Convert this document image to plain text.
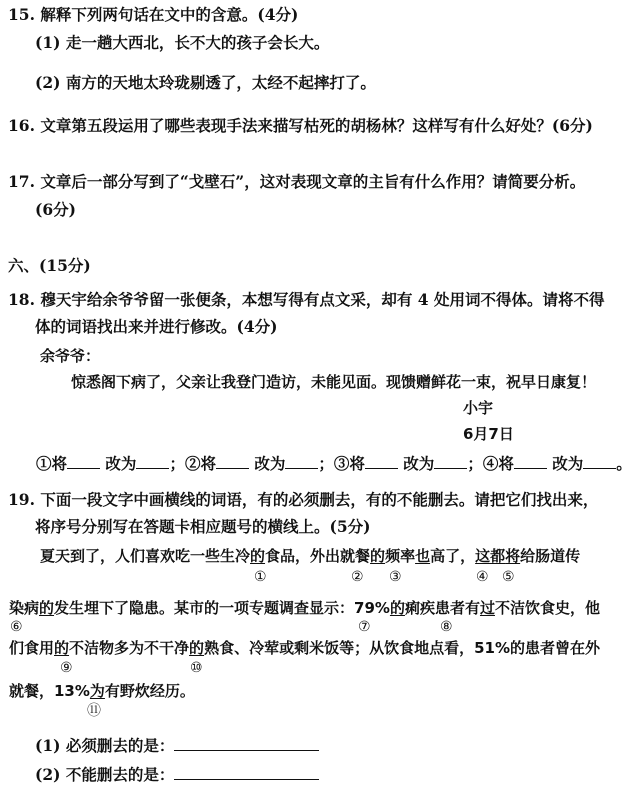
15. 解释下列两句话在文中的含意。(4分)
(1) 走一趟大西北，长不大的孩子会长大。
(2) 南方的天地太玲珑剔透了，太经不起摔打了。
16. 文章第五段运用了哪些表现手法来描写枯死的胡杨林？这样写有什么好处？(6分)
17. 文章后一部分写到了“戈壁石”，这对表现文章的主旨有什么作用？请简要分析。
(6分)
六、(15分)
18. 穆天宇给余爷爷留一张便条，本想写得有点文采，却有 4 处用词不得体。请将不得
体的词语找出来并进行修改。(4分)
余爷爷：
惊悉阁下病了，父亲让我登门造访，未能见面。现馈赠鲜花一束，祝早日康复！
小宇
6月7日
①将 改为 ；②将 改为 ；③将 改为 ；④将 改为 。
19. 下面一段文字中画横线的词语，有的必须删去，有的不能删去。请把它们找出来，
将序号分别写在答题卡相应题号的横线上。(5分)
夏天到了，人们喜欢吃一些生冷的食品，外出就餐的频率也高了，这都将给肠道传
①	② ③	④ ⑤
染病的发生埋下了隐患。某市的一项专题调查显示：79%的痢疾患者有过不洁饮食史，他
⑥	⑦	⑧
们食用的不洁物多为不干净的熟食、冷荤或剩米饭等；从饮食地点看，51%的患者曾在外
⑨	⑩
就餐，13%为有野炊经历。
⑪
(1) 必须删去的是：
(2) 不能删去的是：
